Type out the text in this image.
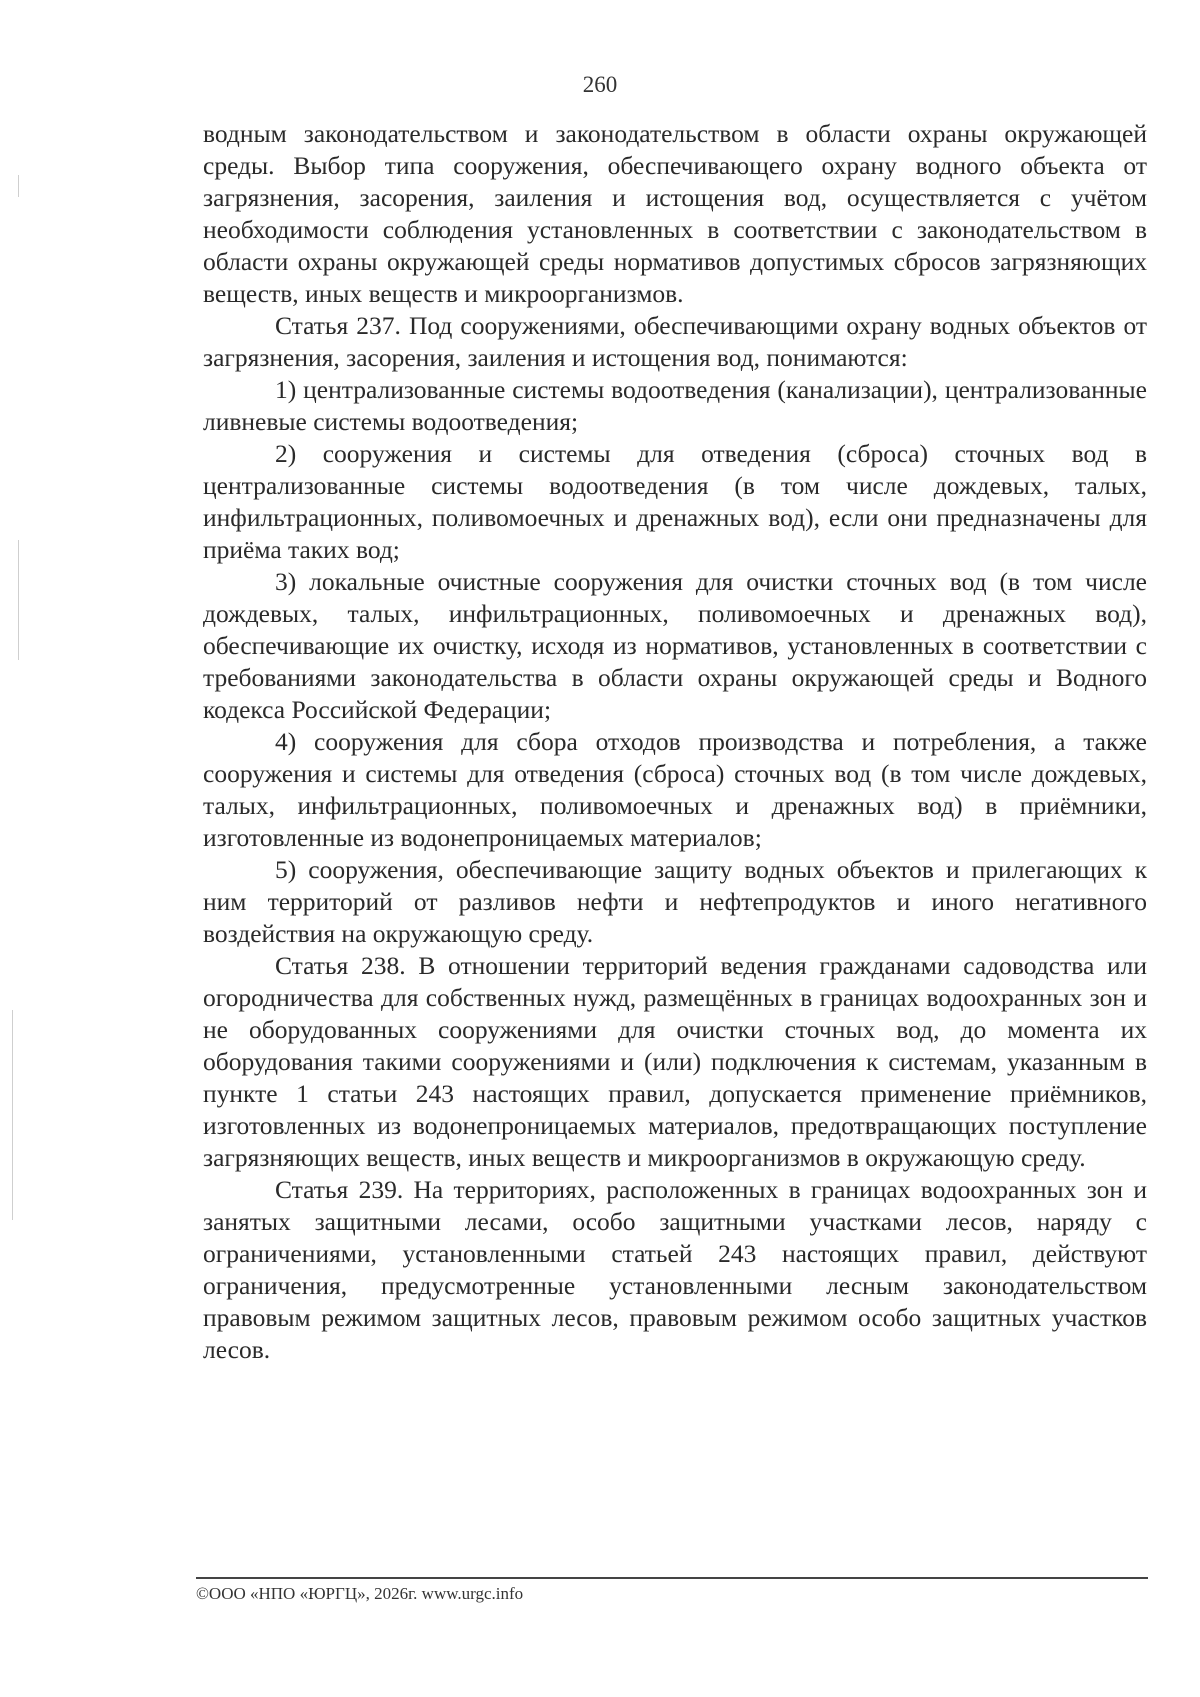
260

водным законодательством и законодательством в области охраны окружающей среды. Выбор типа сооружения, обеспечивающего охрану водного объекта от загрязнения, засорения, заиления и истощения вод, осуществляется с учётом необходимости соблюдения установленных в соответствии с законодательством в области охраны окружающей среды нормативов допустимых сбросов загрязняющих веществ, иных веществ и микроорганизмов.

Статья 237. Под сооружениями, обеспечивающими охрану водных объектов от загрязнения, засорения, заиления и истощения вод, понимаются:

1) централизованные системы водоотведения (канализации), централизованные ливневые системы водоотведения;

2) сооружения и системы для отведения (сброса) сточных вод в централизованные системы водоотведения (в том числе дождевых, талых, инфильтрационных, поливомоечных и дренажных вод), если они предназначены для приёма таких вод;

3) локальные очистные сооружения для очистки сточных вод (в том числе дождевых, талых, инфильтрационных, поливомоечных и дренажных вод), обеспечивающие их очистку, исходя из нормативов, установленных в соответствии с требованиями законодательства в области охраны окружающей среды и Водного кодекса Российской Федерации;

4) сооружения для сбора отходов производства и потребления, а также сооружения и системы для отведения (сброса) сточных вод (в том числе дождевых, талых, инфильтрационных, поливомоечных и дренажных вод) в приёмники, изготовленные из водонепроницаемых материалов;

5) сооружения, обеспечивающие защиту водных объектов и прилегающих к ним территорий от разливов нефти и нефтепродуктов и иного негативного воздействия на окружающую среду.

Статья 238. В отношении территорий ведения гражданами садоводства или огородничества для собственных нужд, размещённых в границах водоохранных зон и не оборудованных сооружениями для очистки сточных вод, до момента их оборудования такими сооружениями и (или) подключения к системам, указанным в пункте 1 статьи 243 настоящих правил, допускается применение приёмников, изготовленных из водонепроницаемых материалов, предотвращающих поступление загрязняющих веществ, иных веществ и микроорганизмов в окружающую среду.

Статья 239. На территориях, расположенных в границах водоохранных зон и занятых защитными лесами, особо защитными участками лесов, наряду с ограничениями, установленными статьей 243 настоящих правил, действуют ограничения, предусмотренные установленными лесным законодательством правовым режимом защитных лесов, правовым режимом особо защитных участков лесов.

©ООО «НПО «ЮРГЦ», 2026г. www.urgc.info
